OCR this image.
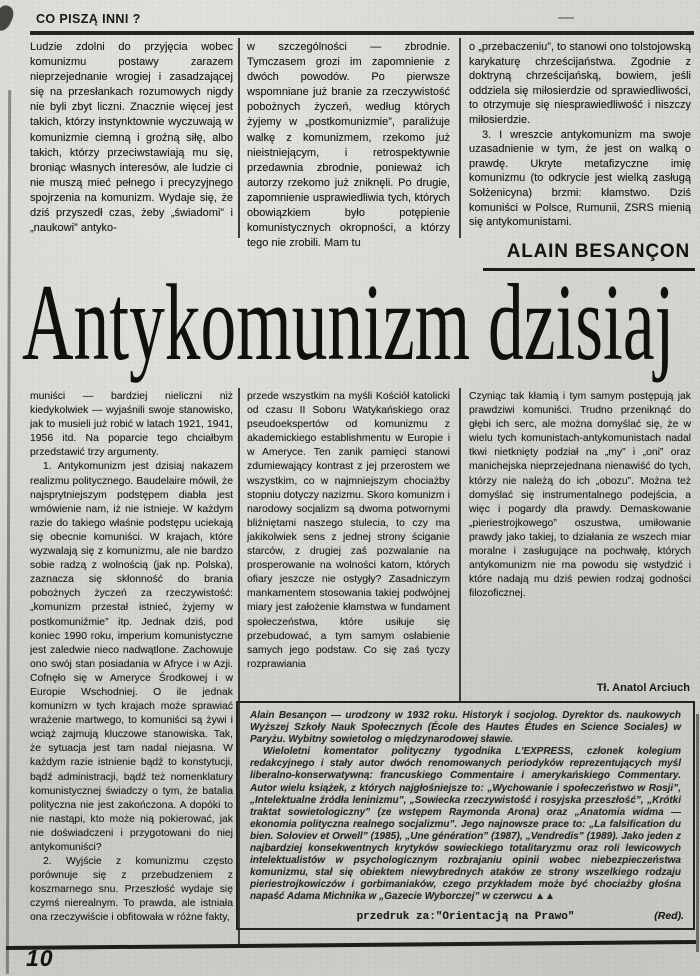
CO PISZĄ INNI ?

Ludzie zdolni do przyjęcia wobec komunizmu postawy zarazem nieprzejednanie wrogiej i zasadzającej się na przesłankach rozumowych nigdy nie byli zbyt liczni. Znacznie więcej jest takich, którzy instynktownie wyczuwają w komunizmie ciemną i groźną siłę, albo takich, którzy przeciwstawiają mu się, broniąc własnych interesów, ale ludzie ci nie muszą mieć pełnego i precyzyjnego spojrzenia na komunizm. Wydaje się, że dziś przyszedł czas, żeby „świadomi” i „naukowi” antyko-

w szczególności — zbrodnie. Tymczasem grozi im zapomnienie z dwóch powodów. Po pierwsze wspomniane już branie za rzeczywistość pobożnych życzeń, według których żyjemy w „postkomunizmie”, paraliżuje walkę z komunizmem, rzekomo już nieistniejącym, i retrospektywnie przedawnia zbrodnie, ponieważ ich autorzy rzekomo już zniknęli. Po drugie, zapomnienie usprawiedliwia tych, których obowiązkiem było potępienie komunistycznych okropności, a którzy tego nie zrobili. Mam tu

o „przebaczeniu”, to stanowi ono tolstojowską karykaturę chrześcijaństwa. Zgodnie z doktryną chrześcijańską, bowiem, jeśli oddziela się miłosierdzie od sprawiedliwości, to otrzymuje się niesprawiedliwość i niszczy miłosierdzie.

3. I wreszcie antykomunizm ma swoje uzasadnienie w tym, że jest on walką o prawdę. Ukryte metafizyczne imię komunizmu (to odkrycie jest wielką zasługą Sołżenicyna) brzmi: kłamstwo. Dziś komuniści w Polsce, Rumunii, ZSRS mienią się antykomunistami.

ALAIN BESANÇON
Antykomunizm dzisiaj

muniści — bardziej nieliczni niż kiedykolwiek — wyjaśnili swoje stanowisko, jak to musieli już robić w latach 1921, 1941, 1956 itd. Na poparcie tego chciałbym przedstawić trzy argumenty.

1. Antykomunizm jest dzisiaj nakazem realizmu politycznego. Baudelaire mówił, że najsprytniejszym podstępem diabła jest wmówienie nam, iż nie istnieje. W każdym razie do takiego właśnie podstępu uciekają się obecnie komuniści. W krajach, które wyzwalają się z komunizmu, ale nie bardzo sobie radzą z wolnością (jak np. Polska), zaznacza się skłonność do brania pobożnych życzeń za rzeczywistość: „komunizm przestał istnieć, żyjemy w postkomuniźmie” itp. Jednak dziś, pod koniec 1990 roku, imperium komunistyczne jest zaledwie nieco nadwątlone. Zachowuje ono swój stan posiadania w Afryce i w Azji. Cofnęło się w Ameryce Środkowej i w Europie Wschodniej. O ile jednak komunizm w tych krajach może sprawiać wrażenie martwego, to komuniści są żywi i wciąż zajmują kluczowe stanowiska. Tak, że sytuacja jest tam nadal niejasna. W każdym razie istnienie bądź to konstytucji, bądź administracji, bądź też nomenklatury komunistycznej świadczy o tym, że batalia polityczna nie jest zakończona. A dopóki to nie nastąpi, kto może nią pokierować, jak nie doświadczeni i przygotowani do niej antykomuniści?

2. Wyjście z komunizmu często porównuje się z przebudzeniem z koszmarnego snu. Przeszłość wydaje się czymś nierealnym. To prawda, ale istniała ona rzeczywiście i obfitowała w różne fakty,

przede wszystkim na myśli Kościół katolicki od czasu II Soboru Watykańskiego oraz pseudoekspertów od komunizmu z akademickiego establishmentu w Europie i w Ameryce. Ten zanik pamięci stanowi zdumiewający kontrast z jej przerostem we wszystkim, co w najmniejszym chociażby stopniu dotyczy nazizmu. Skoro komunizm i narodowy socjalizm są dwoma potwornymi bliźniętami naszego stulecia, to czy ma jakikolwiek sens z jednej strony ściganie starców, z drugiej zaś pozwalanie na prosperowanie na wolności katom, których ofiary jeszcze nie ostygły? Zasadniczym mankamentem stosowania takiej podwójnej miary jest założenie kłamstwa w fundament społeczeństwa, które usiłuje się przebudować, a tym samym osłabienie samych jego podstaw. Co się zaś tyczy rozprawiania

Czyniąc tak kłamią i tym samym postępują jak prawdziwi komuniści. Trudno przeniknąć do głębi ich serc, ale można domyślać się, że w wielu tych komunistach-antykomunistach nadal tkwi nietknięty podział na „my” i „oni” oraz manichejska nieprzejednana nienawiść do tych, którzy nie należą do ich „obozu”. Można też domyślać się instrumentalnego podejścia, a więc i pogardy dla prawdy. Demaskowanie „pieriestrojkowego” oszustwa, umiłowanie prawdy jako takiej, to działania ze wszech miar moralne i zasługujące na pochwałę, których antykomunizm nie ma powodu się wstydzić i które nadają mu dziś pewien rodzaj godności filozoficznej.

Tł. Anatol Arciuch

Alain Besançon — urodzony w 1932 roku. Historyk i socjolog. Dyrektor ds. naukowych Wyższej Szkoły Nauk Społecznych (École des Hautes Études en Science Sociales) w Paryżu. Wybitny sowietolog o międzynarodowej sławie.

Wieloletni komentator polityczny tygodnika L'EXPRESS, członek kolegium redakcyjnego i stały autor dwóch renomowanych periodyków reprezentujących myśl liberalno-konserwatywną: francuskiego Commentaire i amerykańskiego Commentary. Autor wielu książek, z których najgłośniejsze to: „Wychowanie i społeczeństwo w Rosji”, „Intelektualne źródła leninizmu”, „Sowiecka rzeczywistość i rosyjska przeszłość”, „Krótki traktat sowietologiczny” (ze wstępem Raymonda Arona) oraz „Anatomia widma — ekonomia polityczna realnego socjalizmu”. Jego najnowsze prace to: „La falsification du bien. Soloviev et Orwell” (1985), „Une génération” (1987), „Vendredis” (1989). Jako jeden z najbardziej konsekwentnych krytyków sowieckiego totalitaryzmu oraz roli lewicowych intelektualistów w psychologicznym rozbrajaniu opinii wobec niebezpieczeństwa komunizmu, stał się obiektem niewybrednych ataków ze strony wszelkiego rodzaju pieriestrojkowiczów i gorbimaniaków, czego przykładem może być chociażby głośna napaść Adama Michnika w „Gazecie Wyborczej” w czerwcu ▲▲

przedruk za:"Orientacją na Prawo"	(Red).
10
